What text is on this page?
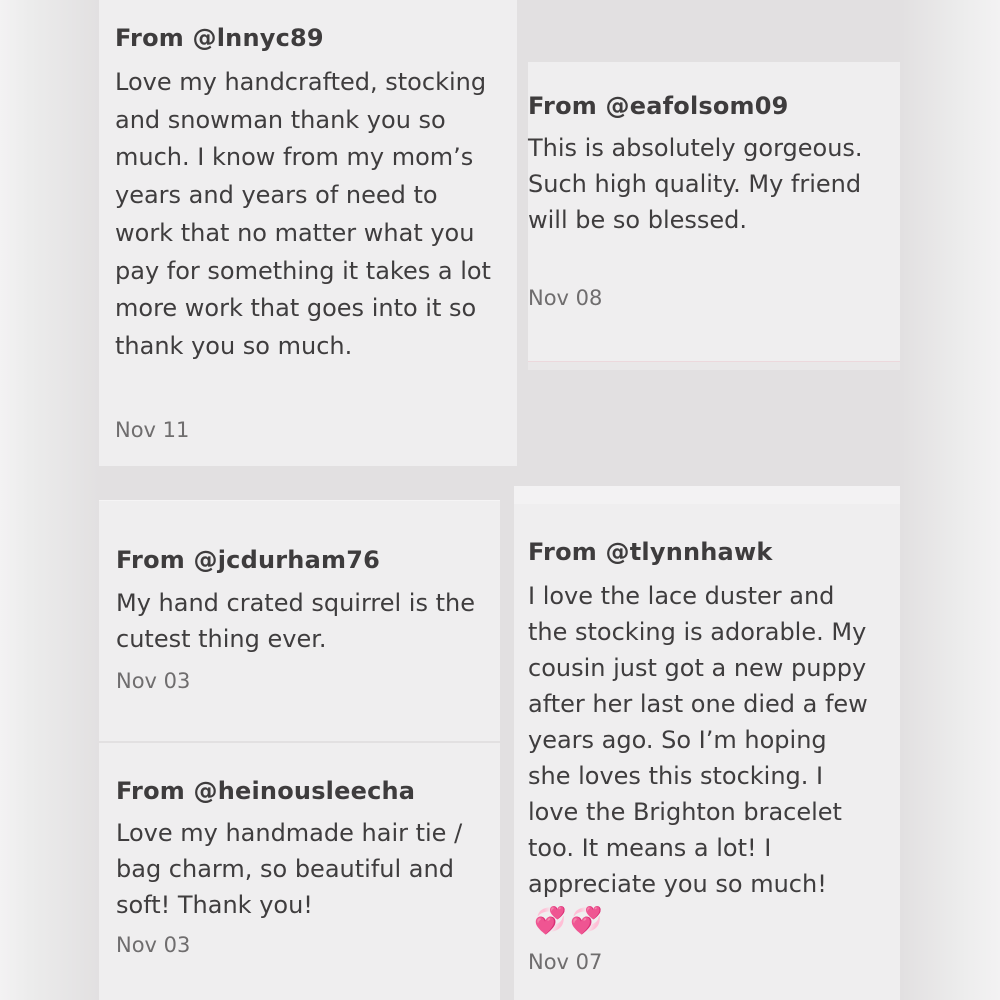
From @lnnyc89

Love my handcrafted, stocking and snowman thank you so much. I know from my mom’s years and years of need to work that no matter what you pay for something it takes a lot more work that goes into it so thank you so much.

Nov 11
From @eafolsom09

This is absolutely gorgeous. Such high quality. My friend will be so blessed.

Nov 08
From @jcdurham76

My hand crated squirrel is the cutest thing ever.

Nov 03
From @heinousleecha

Love my handmade hair tie / bag charm, so beautiful and soft! Thank you!

Nov 03
From @tlynnhawk

I love the lace duster and the stocking is adorable. My cousin just got a new puppy after her last one died a few years ago. So I’m hoping she loves this stocking. I love the Brighton bracelet too. It means a lot! I appreciate you so much!💞💞

Nov 07
